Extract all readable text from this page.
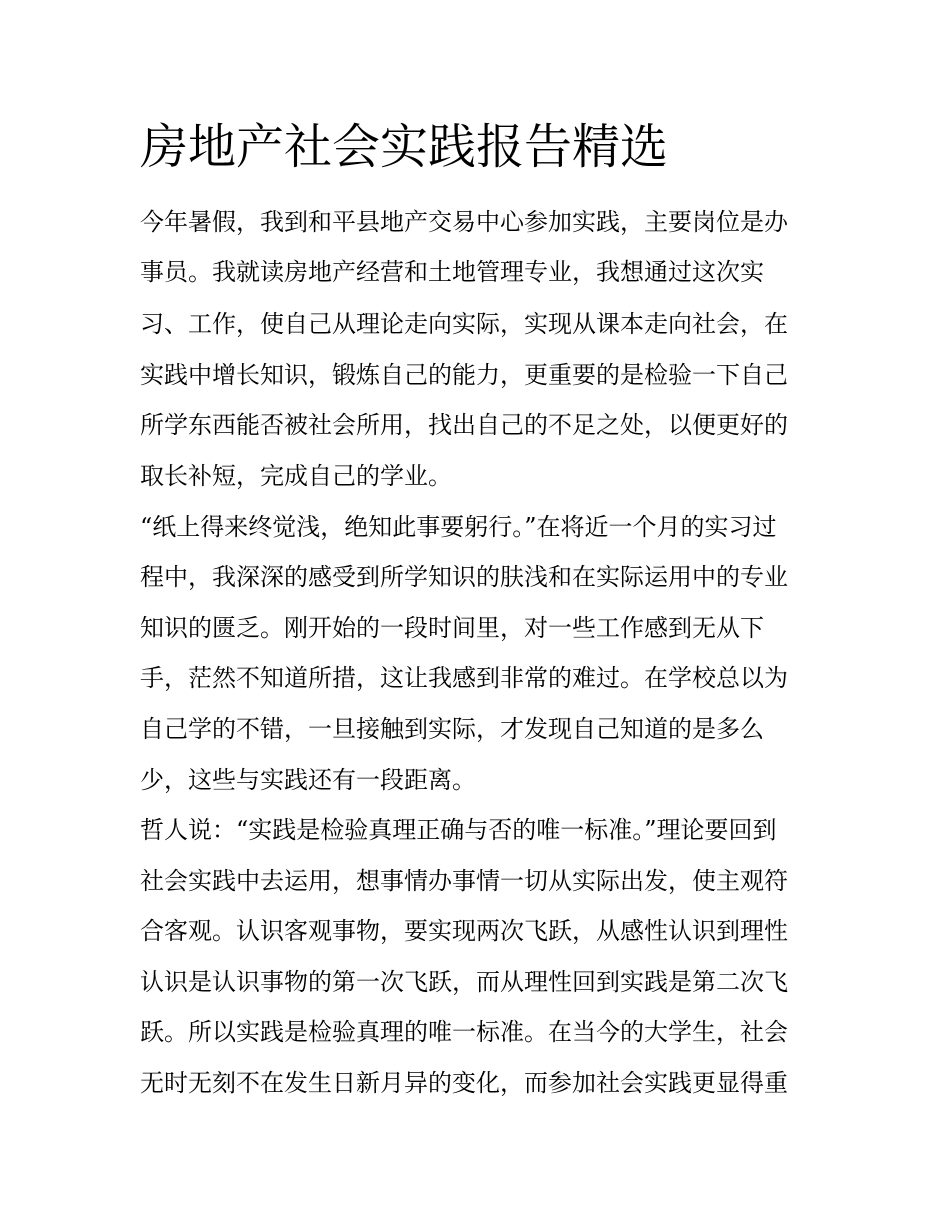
房地产社会实践报告精选

今年暑假，我到和平县地产交易中心参加实践，主要岗位是办

事员。我就读房地产经营和土地管理专业，我想通过这次实

习、工作，使自己从理论走向实际，实现从课本走向社会，在

实践中增长知识，锻炼自己的能力，更重要的是检验一下自己

所学东西能否被社会所用，找出自己的不足之处，以便更好的

取长补短，完成自己的学业。

“纸上得来终觉浅，绝知此事要躬行。”在将近一个月的实习过

程中，我深深的感受到所学知识的肤浅和在实际运用中的专业

知识的匮乏。刚开始的一段时间里，对一些工作感到无从下

手，茫然不知道所措，这让我感到非常的难过。在学校总以为

自己学的不错，一旦接触到实际，才发现自己知道的是多么

少，这些与实践还有一段距离。

哲人说：“实践是检验真理正确与否的唯一标准。”理论要回到

社会实践中去运用，想事情办事情一切从实际出发，使主观符

合客观。认识客观事物，要实现两次飞跃，从感性认识到理性

认识是认识事物的第一次飞跃，而从理性回到实践是第二次飞

跃。所以实践是检验真理的唯一标准。在当今的大学生，社会

无时无刻不在发生日新月异的变化，而参加社会实践更显得重
